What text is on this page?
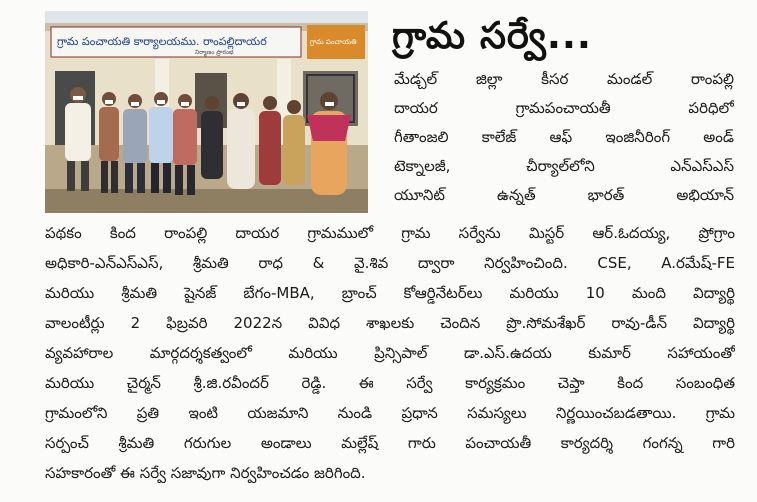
గ్రామ పంచాయతి కార్యాలయము. రాంపల్లిదాయర
నిర్మాణం ప్రారంభ
గ్రామ పంచాయతి గ్రామ సర్వే...
మేడ్చల్ జిల్లా కీసర మండల్ రాంపల్లి
దాయర గ్రామపంచాయతీ పరిధిలో
గీతాంజలి కాలేజ్ ఆఫ్ ఇంజినీరింగ్ అండ్
టెక్నాలజీ, చీర్యాల్‌లోని ఎన్ఎస్ఎస్
యూనిట్ ఉన్నత్ భారత్ అభియాన్
పథకం కింద రాంపల్లి దాయర గ్రామములో గ్రామ సర్వేను మిస్టర్ ఆర్.ఓదయ్య, ప్రోగ్రాం
అధికారి-ఎన్ఎస్ఎస్, శ్రీమతి రాధ & వై.శివ ద్వారా నిర్వహించింది. CSE, A.రమేష్-FE
మరియు శ్రీమతి షైనజ్ బేగం-MBA, బ్రాంచ్ కోఆర్డినేటర్‌లు మరియు 10 మంది విద్యార్థి
వాలంటీర్లు 2 ఫిబ్రవరి 2022న వివిధ శాఖలకు చెందిన ప్రొ.సోమశేఖర్ రావు-డీన్ విద్యార్థి
వ్యవహారాల మార్గదర్శకత్వంలో మరియు ప్రిన్సిపాల్ డా.ఎస్.ఉదయ కుమార్ సహాయంతో
మరియు చైర్మన్ శ్రీ.జి.రవీందర్ రెడ్డి. ఈ సర్వే కార్యక్రమం చెప్తా కింద సంబంధిత
గ్రామంలోని ప్రతి ఇంటి యజమాని నుండి ప్రధాన సమస్యలు నిర్ణయించబడతాయి. గ్రామ
సర్పంచ్ శ్రీమతి గరుగుల అండాలు మల్లేష్ గారు పంచాయతీ కార్యదర్శి గంగన్న గారి
సహకారంతో ఈ సర్వే సజావుగా నిర్వహించడం జరిగింది.
